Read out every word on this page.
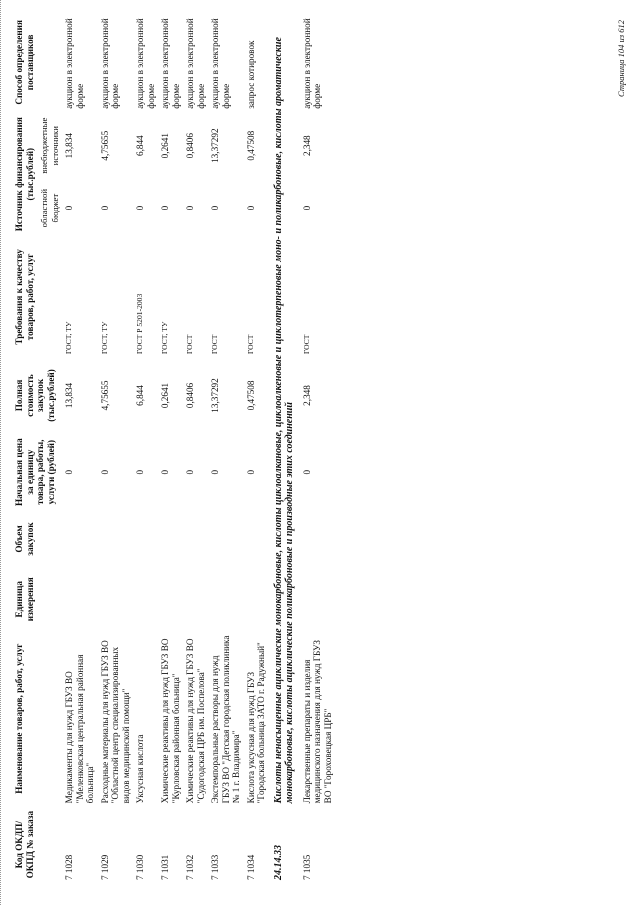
Код ОКДП/ ОКПД № заказа	Наименование товаров, работ, услуг	Единица измерения	Объем закупок	Начальная цена за единицу товара, работы, услуги (рублей)	Полная стоимость закупок (тыс.рублей)	Требования к качеству товаров, работ, услуг	Источник финансирования (тыс.рублей)		Способ определения поставщиков
							областной бюджет	внебюджетные источники	
7 1028	Медикаменты для нужд ГБУЗ ВО "Меленковская центральная районная больница"			0	13,834	ГОСТ, ТУ	0	13,834	аукцион в электронной форме
7 1029	Расходные материалы для нужд ГБУЗ ВО "Областной центр специализированных видов медицинской помощи"			0	4,75655	ГОСТ, ТУ	0	4,75655	аукцион в электронной форме
7 1030	Уксусная кислота			0	6,844	ГОСТ Р 5201-2003	0	6,844	аукцион в электронной форме
7 1031	Химические реактивы для нужд ГБУЗ ВО "Курловская районная больница"			0	0,2641	ГОСТ, ТУ	0	0,2641	аукцион в электронной форме
7 1032	Химические реактивы для нужд ГБУЗ ВО "Судогодская ЦРБ им. Поспелова"			0	0,8406	ГОСТ	0	0,8406	аукцион в электронной форме
7 1033	Экстемпоральные растворы для нужд ГБУЗ ВО "Детская городская поликлиника № 1 г. Владимира"			0	13,37292	ГОСТ	0	13,37292	аукцион в электронной форме
7 1034	Кислота уксусная для нужд ГБУЗ "Городская больница ЗАТО г. Радужный"			0	0,47508	ГОСТ	0	0,47508	запрос котировок
24.14.33	Кислоты ненасыщенные ациклические монокарбоновые, кислоты циклоалкановые, циклоалкеновые и циклотерпеновые моно- и поликарбоновые, кислоты ароматические монокарбоновые, кислоты ациклические поликарбоновые и производные этих соединений								
7 1035	Лекарственные препараты и изделия медицинского назначения для нужд ГБУЗ ВО "Гороховецкая ЦРБ"			0	2,348	ГОСТ	0	2,348	аукцион в электронной форме	Страница 104 из 612
